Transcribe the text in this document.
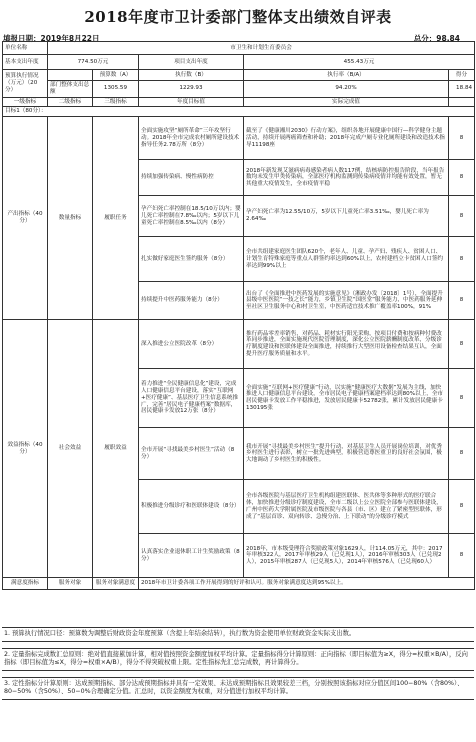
2018年度市卫计委部门整体支出绩效自评表
填报日期：2019年8月22日	总分：98.84
单位名称	市卫生和计划生育委员会				
基本支出年度	774.50万元		项目支出年度	455.43万元	
预算执行情况（万元）（20分）		预算数（A）	执行数（B）	执行率（B/A）	得分
	部门整体支出总额	1305.59	1229.93	94.20%	18.84
一级指标	二级指标	三级指标	年度目标值	实际完成值	
目标1（80分）：					
产出指标（40分）	数量指标	履职任务	全面实施攻坚“厕所革命”三年攻坚行动。2018年全市完成农村厕所建设技术指导任务2.78万所（8分）	截至了《健康湘川2030》行动方案》，组织各地开展健康中国行—科学健身主题活动，持续开展两癌筛查和补助；2018年完成户厕专业化厕所建设和改造技术指导11198座	8
			持续加强传染病、慢性病防控	2018年新发现艾滋病病毒感染者病人数117例，结核病防控报告阶段，当年报告数均未发生甲类传染病，全部医疗机构监测到传染病疫情并均能有效处置，暂无其他重大疫情发生，全市疫情平稳	8
			孕产妇死亡率控制在18.5/10万以内；婴儿死亡率控制在7.8‰以内；5岁以下儿童死亡率控制在8.5‰以内（8分）	孕产妇死亡率为12.55/10万，5岁以下儿童死亡率3.51‰，婴儿死亡率为2.64‰	8
			扎实做好家庭医生签约服务（8分）	全市共组建家庭医生团队620个，老年人、儿童、孕产妇、残疾人、贫困人口、计划生育特殊家庭等重点人群签约率达到60%以上，农村建档立卡贫困人口签约率达到99%以上	8
			持续提升中医药服务能力（8分）	出台了《全面推进中医药发展的实施意见》（湘政办发〔2018〕1号），全面提升县级中医医院“一技之长”能力，乡镇卫生院“国医堂”服务能力，中医药服务延伸至社区卫生服务中心和村卫生室，中医药适宜技术推广覆盖率100%，91%	8
效益指标（40分）	社会效益	履职效益	深入推进公立医院改革（8分）	推行药品零差率销售，对药品、耗材实行阳光采购，按项目付费和按病种付费改革同步推进，全面实施现代医院管理制度，深化公立医院薪酬制度改革，分级诊疗制度建设和医联体建设全面推进，持续推行大型医用设备检查结果互认，全面提升医疗服务质量和水平。	8
			着力推进“全民健康信息化”建设，完成人口健康信息平台建设，落实“互联网+医疗健康”、基层医疗卫生信息系统推广，完善“居民电子健康档案”数据库，居民健康卡发放12万张（8分）	全面实施“互联网+医疗健康”行动，以实施“健康医疗大数据”发展为主线，加快推进人口健康信息平台建设，全市居民电子健康档案建档率达到80%以上，全市居民健康卡发放工作平稳推进，发放居民健康卡52782张，累计发放居民健康卡130195张	8
			全市开展“寻找最美乡村医生”活动（8分）	我市开展“寻找最美乡村医生”提升行动，对基层卫生人员开展岗位培训，对优秀乡村医生进行表彰，树立一批先进典型，积极营造尊医重卫的良好社会氛围，极大地调动了乡村医生的积极性。	8
			积极推进分级诊疗和医联体建设（8分）	全市各级医院与基层医疗卫生机构组建医联体、医共体等多种形式的医疗联合体，加快推进分级诊疗制度建设，全市二级以上公立医院全部参与医联体建设，广州中医药大学附属医院及市级医院与各县（市、区）建立了紧密型医联体，形成了“基层首诊、双向转诊、急慢分治、上下联动”的分级诊疗模式	8
			认真落实企业退休职工计生奖励政策（8分）	2018年，市本级受理符合奖励政策对象1629人，计114.05万元，其中：2017年审核322人，2017年审核29人（已兑现1人），2016年审核303人（已兑现2人），2015年审核287人（已兑现5人），2014年审核576人（已兑现60人）	8
满意度指标	服务对象	服务对象满意度	2018年市卫计委各项工作开展得到的好评和认可。服务对象满意度达到95%以上。		
1. 预算执行情况口径：预算数为调整后财政资金年度预算（含提上年结余结转），执行数为资金使用单位财政资金实际支出数。
2. 定量指标完成数汇总原则：绝对值直接累加计算，相对值按照资金额度加权平均计算。定量指标得分计算原则：正向指标（即目标值为≥X，得分=权重×B/A），反向指标（即目标值为≤X，得分=权重×A/B），得分不得突破权重上限。定性指标先汇总完成数，再计算得分。
3. 定性指标分计算原则：达成预期指标、部分达成预期指标并具有一定效果、未达成预期指标且效果较差三档，分别按照该指标对应分值区间100−80%（含80%）、80−50%（含50%）、50−0%合理确定分值。汇总时，以资金额度为权重，对分值进行加权平均计算。
